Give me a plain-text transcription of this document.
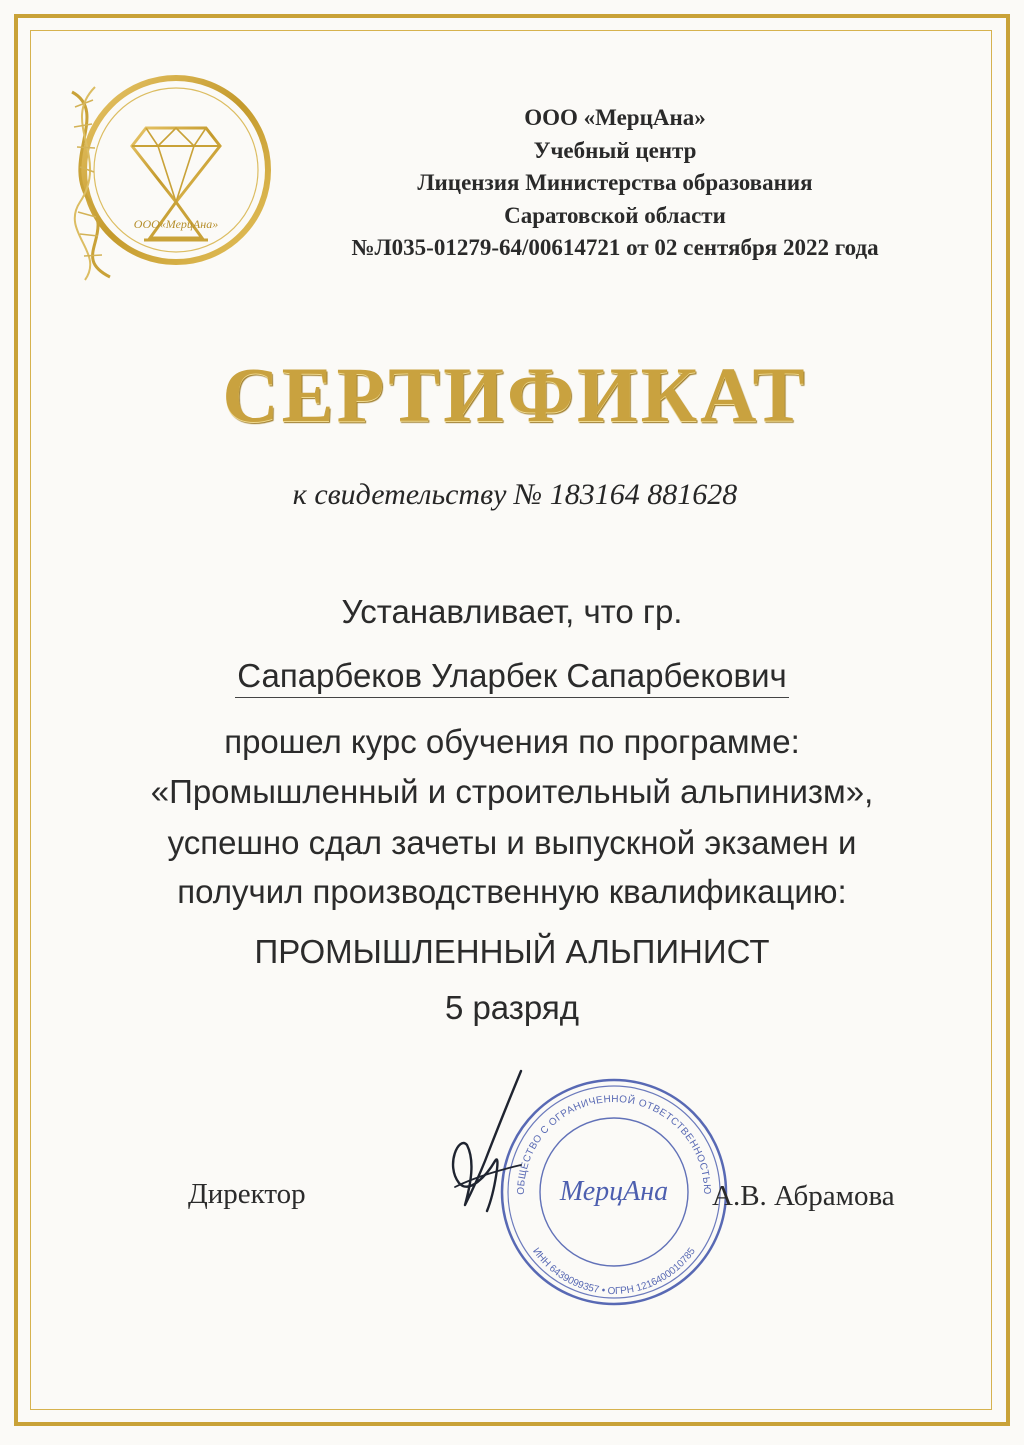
ООО«МерцАна»
ООО «МерцАна»
Учебный центр
Лицензия Министерства образования
Саратовской области
№Л035-01279-64/00614721 от 02 сентября 2022 года
СЕРТИФИКАТ
к свидетельству № 183164 881628
Устанавливает, что гр.
Сапарбеков Уларбек Сапарбекович
прошел курс обучения по программе:
«Промышленный и строительный альпинизм»,
успешно сдал зачеты и выпускной экзамен и
получил производственную квалификацию:
ПРОМЫШЛЕННЫЙ АЛЬПИНИСТ
5 разряд
ОБЩЕСТВО С ОГРАНИЧЕННОЙ ОТВЕТСТВЕННОСТЬЮ
ИНН 6439099357 • ОГРН 1216400010785
МерцАна
Директор	А.В. Абрамова
